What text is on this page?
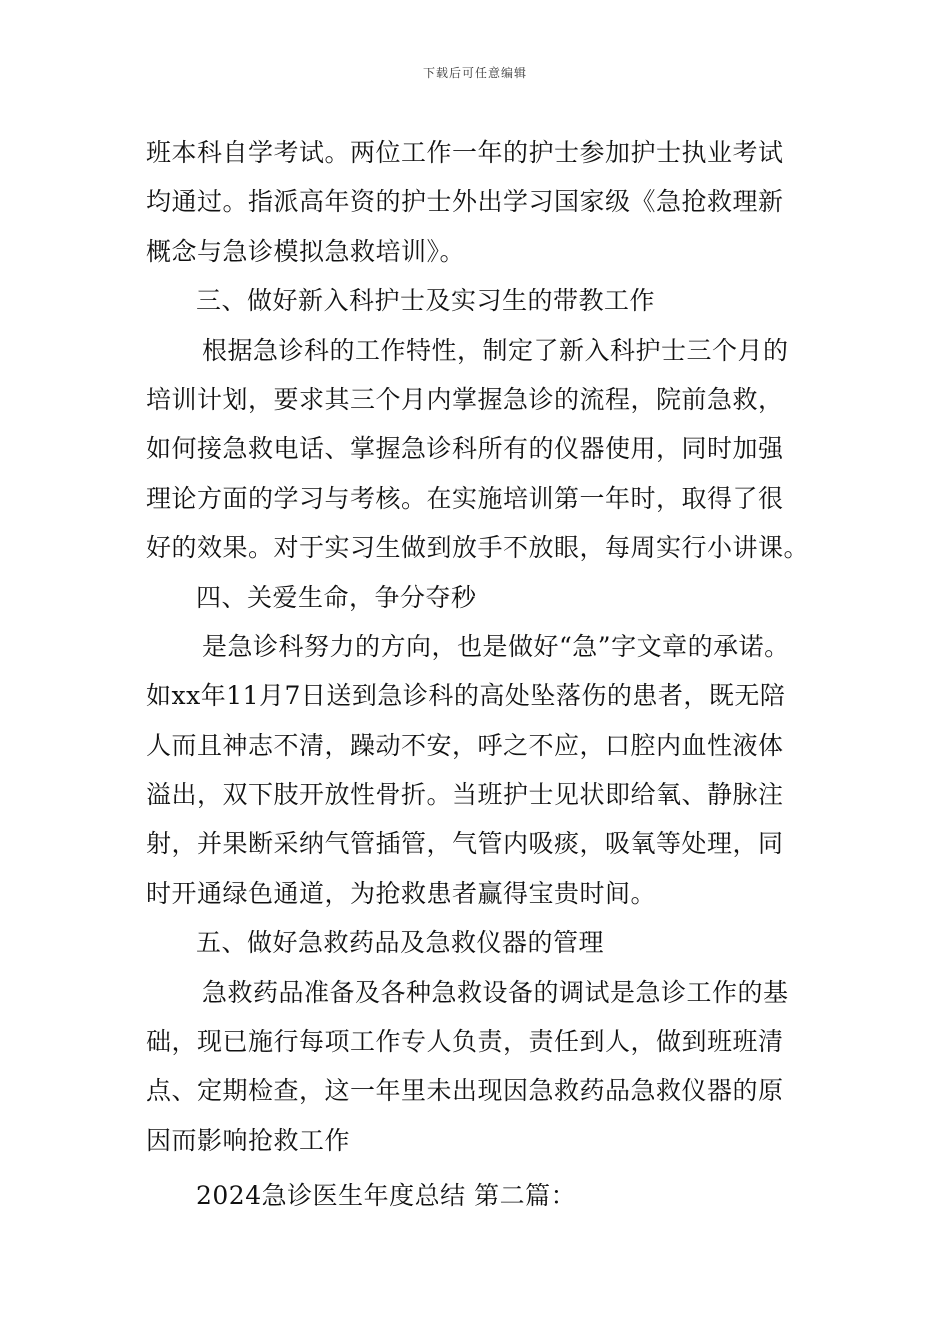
下载后可任意编辑
班本科自学考试。两位工作一年的护士参加护士执业考试
均通过。指派高年资的护士外出学习国家级《急抢救理新
概念与急诊模拟急救培训》。
三、做好新入科护士及实习生的带教工作
根据急诊科的工作特性，制定了新入科护士三个月的
培训计划，要求其三个月内掌握急诊的流程，院前急救，
如何接急救电话、掌握急诊科所有的仪器使用，同时加强
理论方面的学习与考核。在实施培训第一年时，取得了很
好的效果。对于实习生做到放手不放眼，每周实行小讲课。
四、关爱生命，争分夺秒
是急诊科努力的方向，也是做好“急”字文章的承诺。
如xx年11月7日送到急诊科的高处坠落伤的患者，既无陪
人而且神志不清，躁动不安，呼之不应，口腔内血性液体
溢出，双下肢开放性骨折。当班护士见状即给氧、静脉注
射，并果断采纳气管插管，气管内吸痰，吸氧等处理，同
时开通绿色通道，为抢救患者赢得宝贵时间。
五、做好急救药品及急救仪器的管理
急救药品准备及各种急救设备的调试是急诊工作的基
础，现已施行每项工作专人负责，责任到人，做到班班清
点、定期检查，这一年里未出现因急救药品急救仪器的原
因而影响抢救工作
2024急诊医生年度总结 第二篇：
